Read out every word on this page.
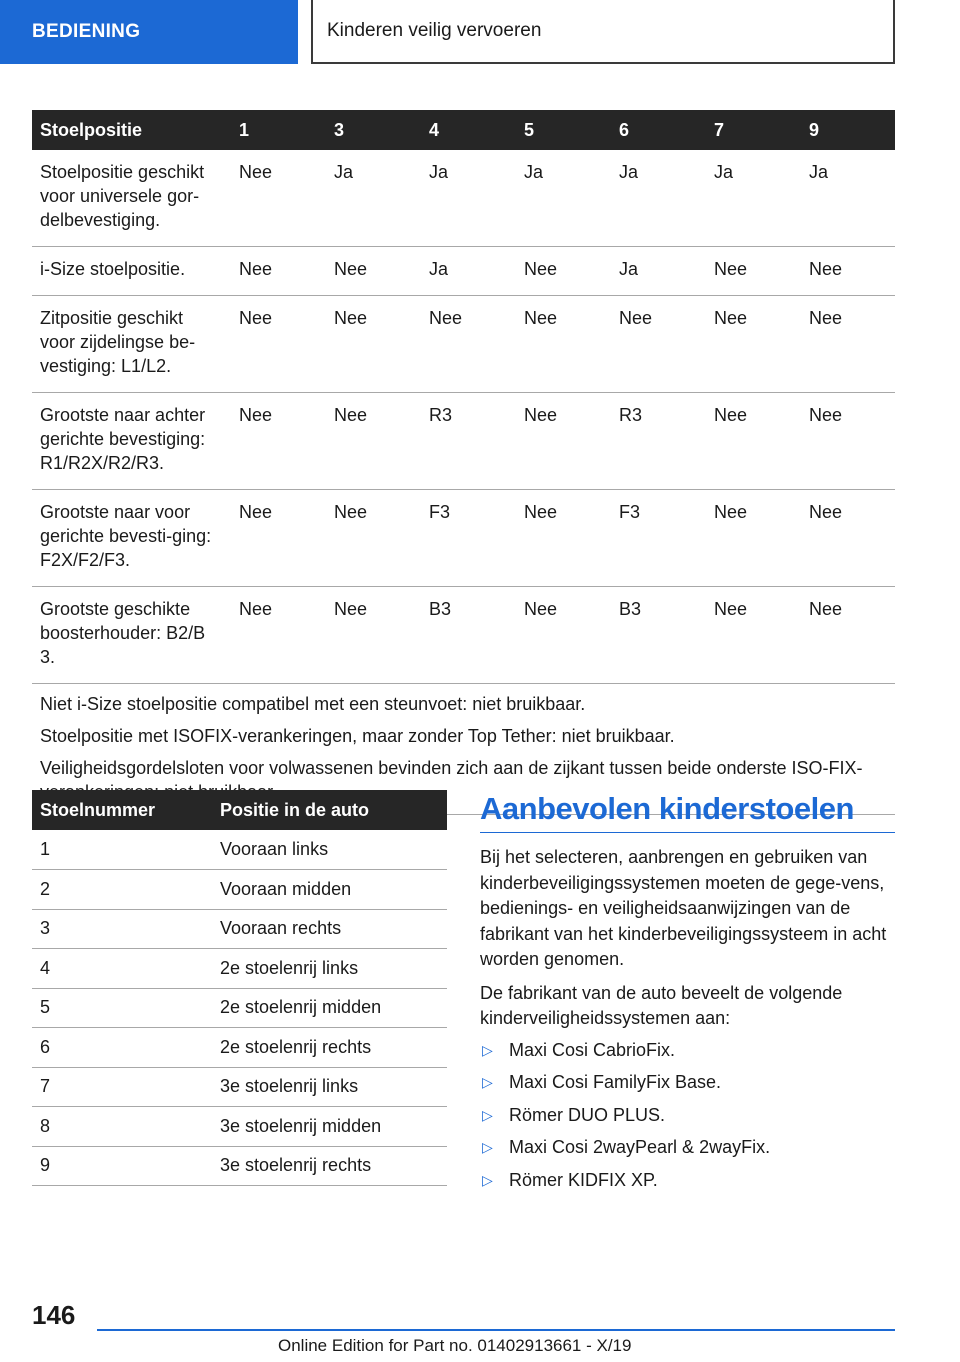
BEDIENING	Kinderen veilig vervoeren
Stoelpositie	1	3	4	5	6	7	9
Stoelpositie geschikt voor universele gor-delbevestiging.	Nee	Ja	Ja	Ja	Ja	Ja	Ja
i-Size stoelpositie.	Nee	Nee	Ja	Nee	Ja	Nee	Nee
Zitpositie geschikt voor zijdelingse be-vestiging: L1/L2.	Nee	Nee	Nee	Nee	Nee	Nee	Nee
Grootste naar achter gerichte bevestiging: R1/R2X/R2/R3.	Nee	Nee	R3	Nee	R3	Nee	Nee
Grootste naar voor gerichte bevesti-ging: F2X/F2/F3.	Nee	Nee	F3	Nee	F3	Nee	Nee
Grootste geschikte boosterhouder: B2/B 3.	Nee	Nee	B3	Nee	B3	Nee	Nee

Niet i-Size stoelpositie compatibel met een steunvoet: niet bruikbaar.

Stoelpositie met ISOFIX-verankeringen, maar zonder Top Tether: niet bruikbaar.

Veiligheidsgordelsloten voor volwassenen bevinden zich aan de zijkant tussen beide onderste ISO-FIX-							

Stoelnummer	Positie in de auto
1	Vooraan links
2	Vooraan midden
3	Vooraan rechts
4	2e stoelenrij links
5	2e stoelenrij midden
6	2e stoelenrij rechts
7	3e stoelenrij links
8	3e stoelenrij midden
9	3e stoelenrij rechts
Aanbevolen kinderstoelen

Bij het selecteren, aanbrengen en gebruiken van kinderbeveiligingssystemen moeten de gege-vens, bedienings- en veiligheidsaanwijzingen van de fabrikant van het kinderbeveiligingssysteem in acht worden genomen.

De fabrikant van de auto beveelt de volgende kinderveiligheidssystemen aan:

▷ Maxi Cosi CabrioFix.
▷ Maxi Cosi FamilyFix Base.
▷ Römer DUO PLUS.
▷ Maxi Cosi 2wayPearl & 2wayFix.
▷ Römer KIDFIX XP.
146
Online Edition for Part no. 01402913661 - X/19
